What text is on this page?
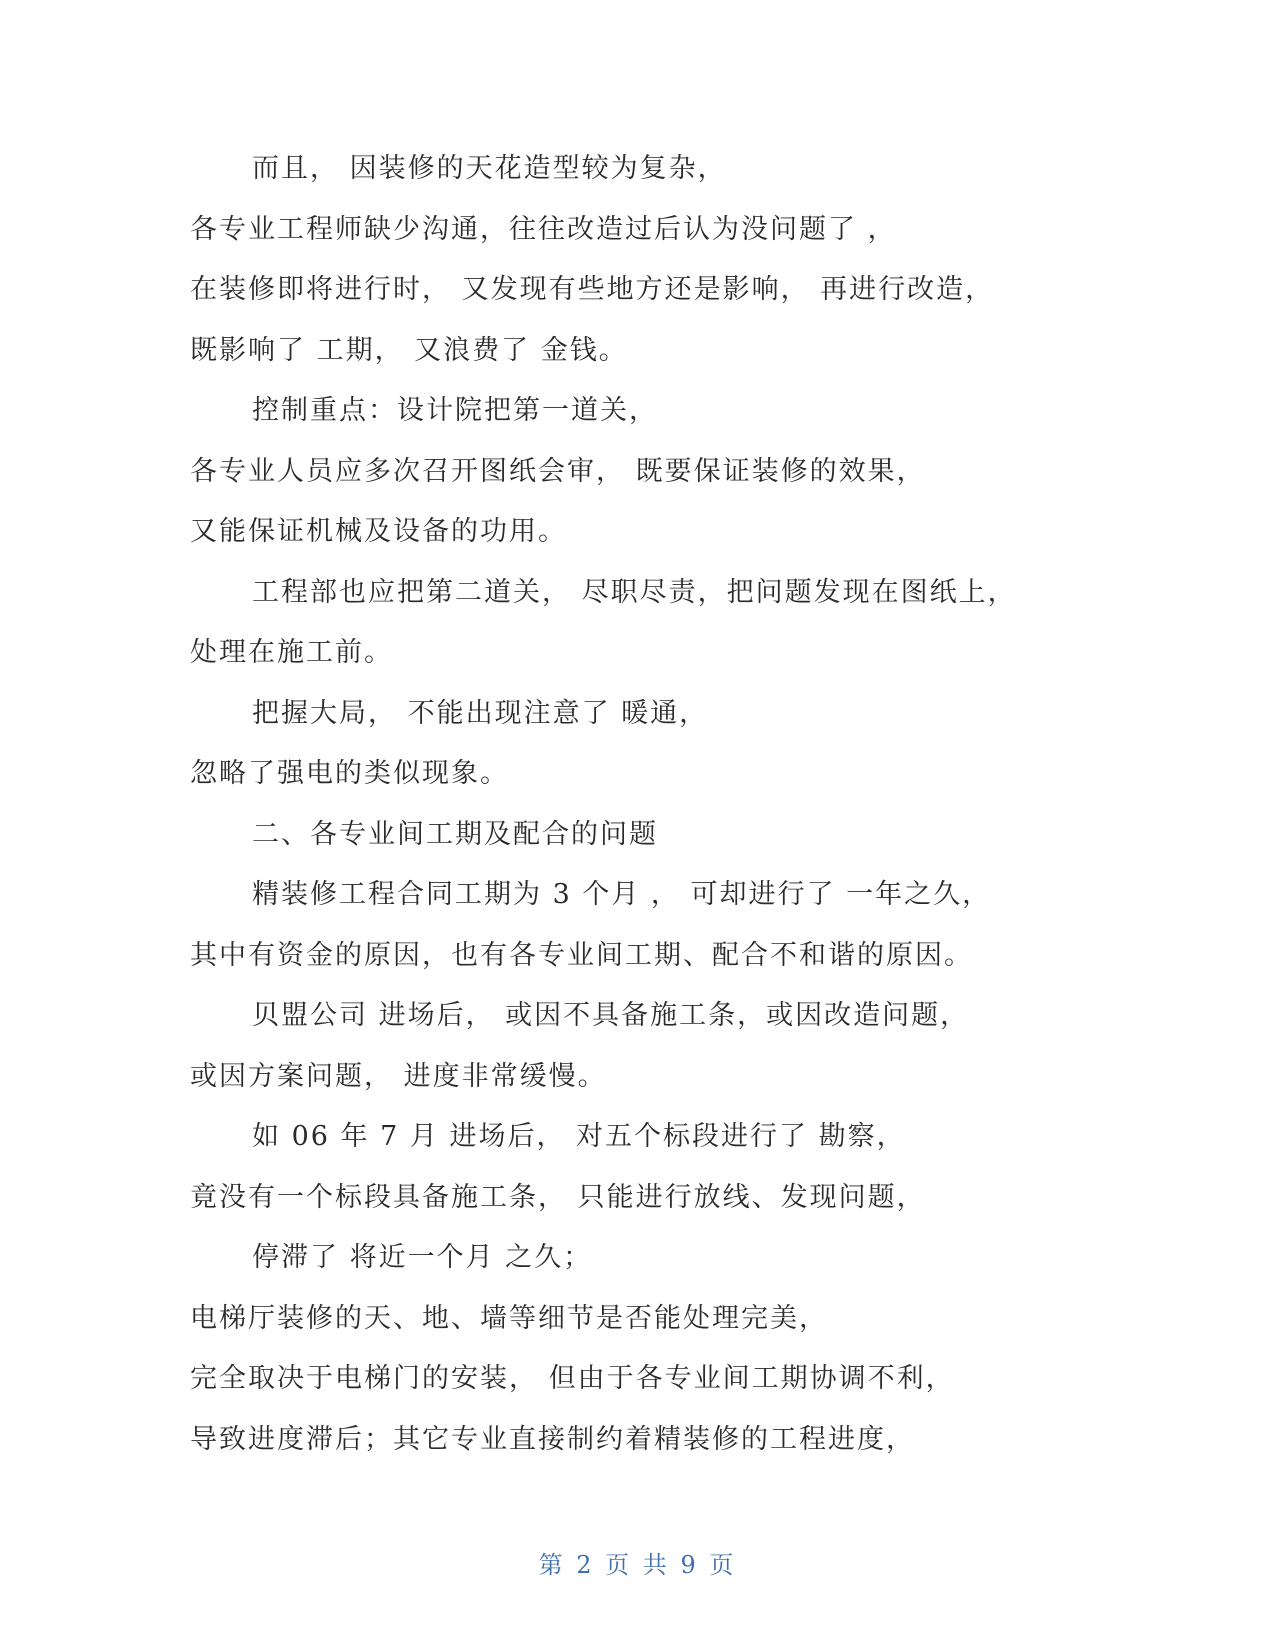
而且， 因装修的天花造型较为复杂，
各专业工程师缺少沟通，往往改造过后认为没问题了 ，
在装修即将进行时， 又发现有些地方还是影响， 再进行改造，
既影响了 工期， 又浪费了 金钱。
控制重点：设计院把第一道关，
各专业人员应多次召开图纸会审， 既要保证装修的效果，
又能保证机械及设备的功用。
工程部也应把第二道关， 尽职尽责，把问题发现在图纸上，
处理在施工前。
把握大局， 不能出现注意了 暖通，
忽略了强电的类似现象。
二、各专业间工期及配合的问题
精装修工程合同工期为 3 个月 ， 可却进行了 一年之久，
其中有资金的原因，也有各专业间工期、配合不和谐的原因。
贝盟公司 进场后， 或因不具备施工条，或因改造问题，
或因方案问题， 进度非常缓慢。
如 06 年 7 月 进场后， 对五个标段进行了 勘察，
竟没有一个标段具备施工条， 只能进行放线、发现问题，
停滞了 将近一个月 之久；
电梯厅装修的天、地、墙等细节是否能处理完美，
完全取决于电梯门的安装， 但由于各专业间工期协调不利，
导致进度滞后；其它专业直接制约着精装修的工程进度，
第 2 页 共 9 页
